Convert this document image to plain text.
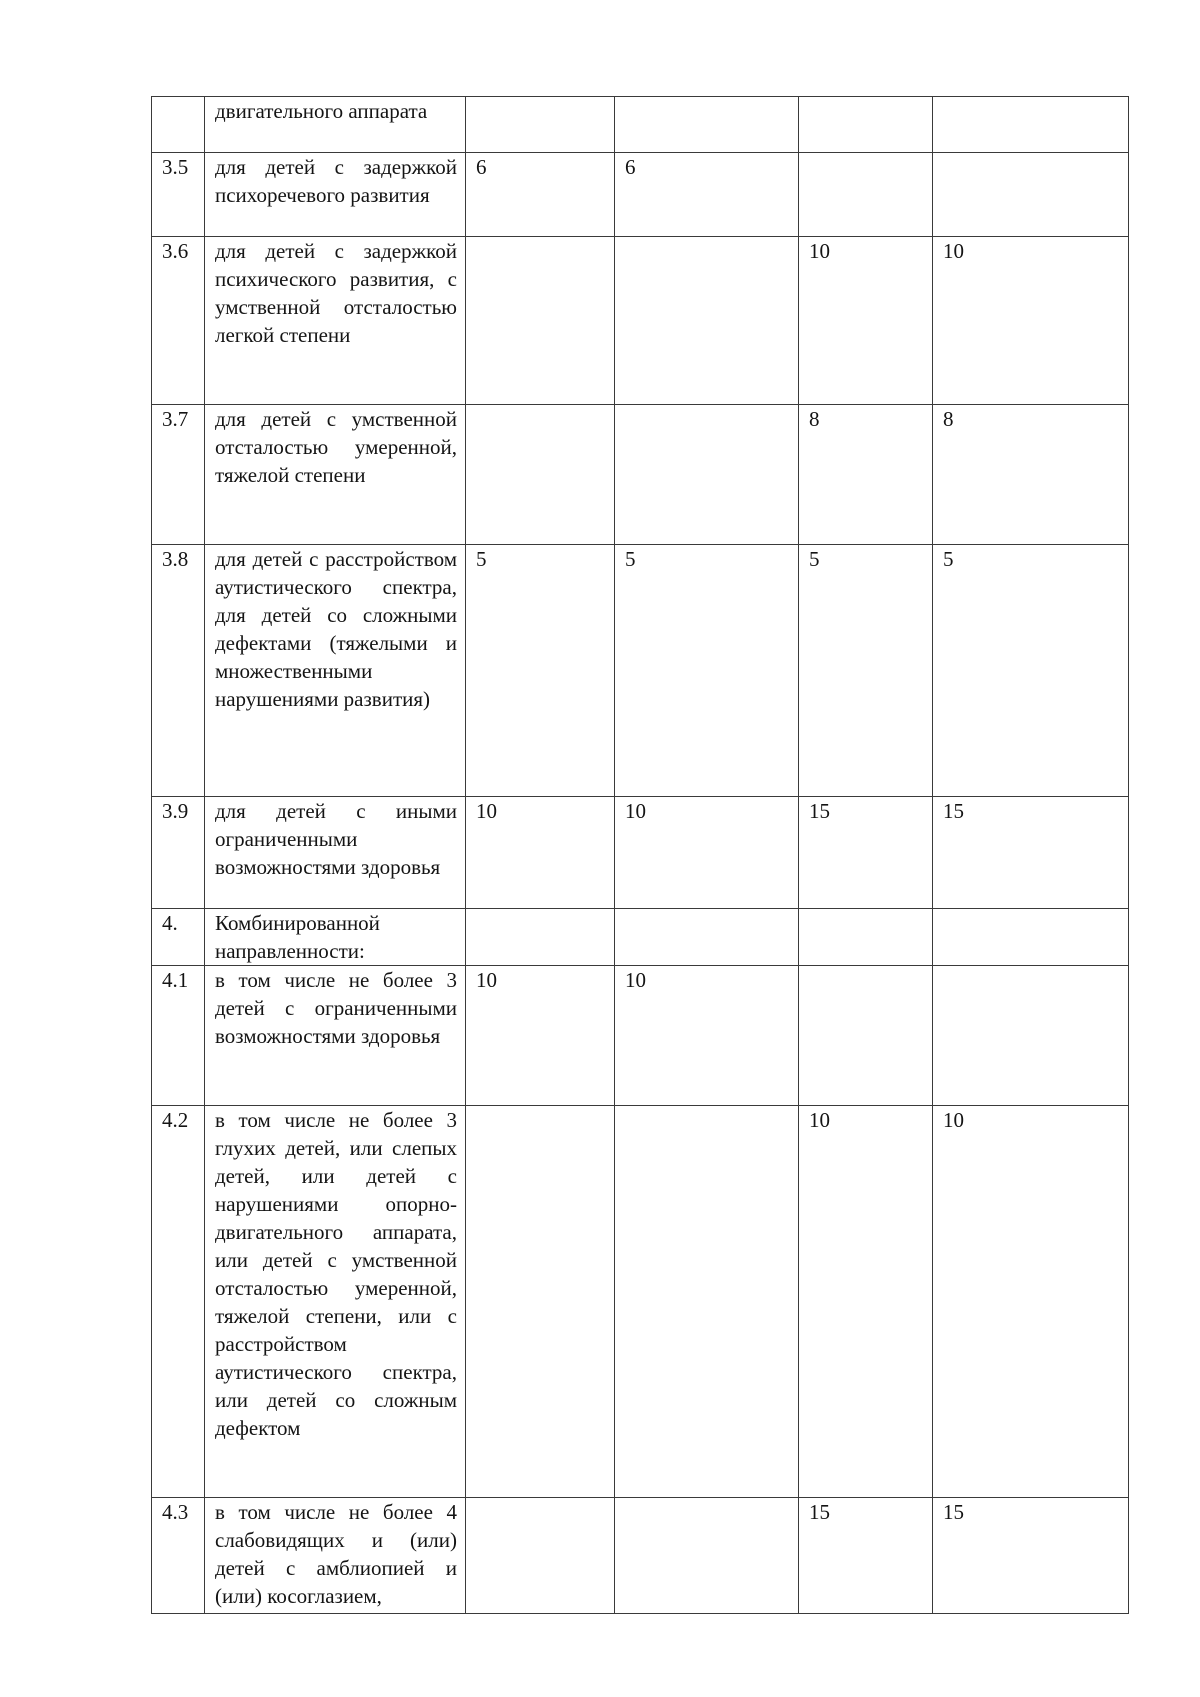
	двигательного аппарата				
3.5	для детей с задержкой психоречевого развития	6	6		
3.6	для детей с задержкой психического развития, с умственной отсталостью легкой степени			10	10
3.7	для детей с умственной отсталостью умеренной, тяжелой степени			8	8
3.8	для детей с расстройством аутистического спектра, для детей со сложными дефектами (тяжелыми и множественными нарушениями развития)	5	5	5	5
3.9	для детей с иными ограниченными возможностями здоровья	10	10	15	15
4.	Комбинированной направленности:				
4.1	в том числе не более 3 детей с ограниченными возможностями здоровья	10	10		
4.2	в том числе не более 3 глухих детей, или слепых детей, или детей с нарушениями опорно-двигательного аппарата, или детей с умственной отсталостью умеренной, тяжелой степени, или с расстройством аутистического спектра, или детей со сложным дефектом			10	10
4.3	в том числе не более 4 слабовидящих и (или) детей с амблиопией и (или) косоглазием,			15	15
